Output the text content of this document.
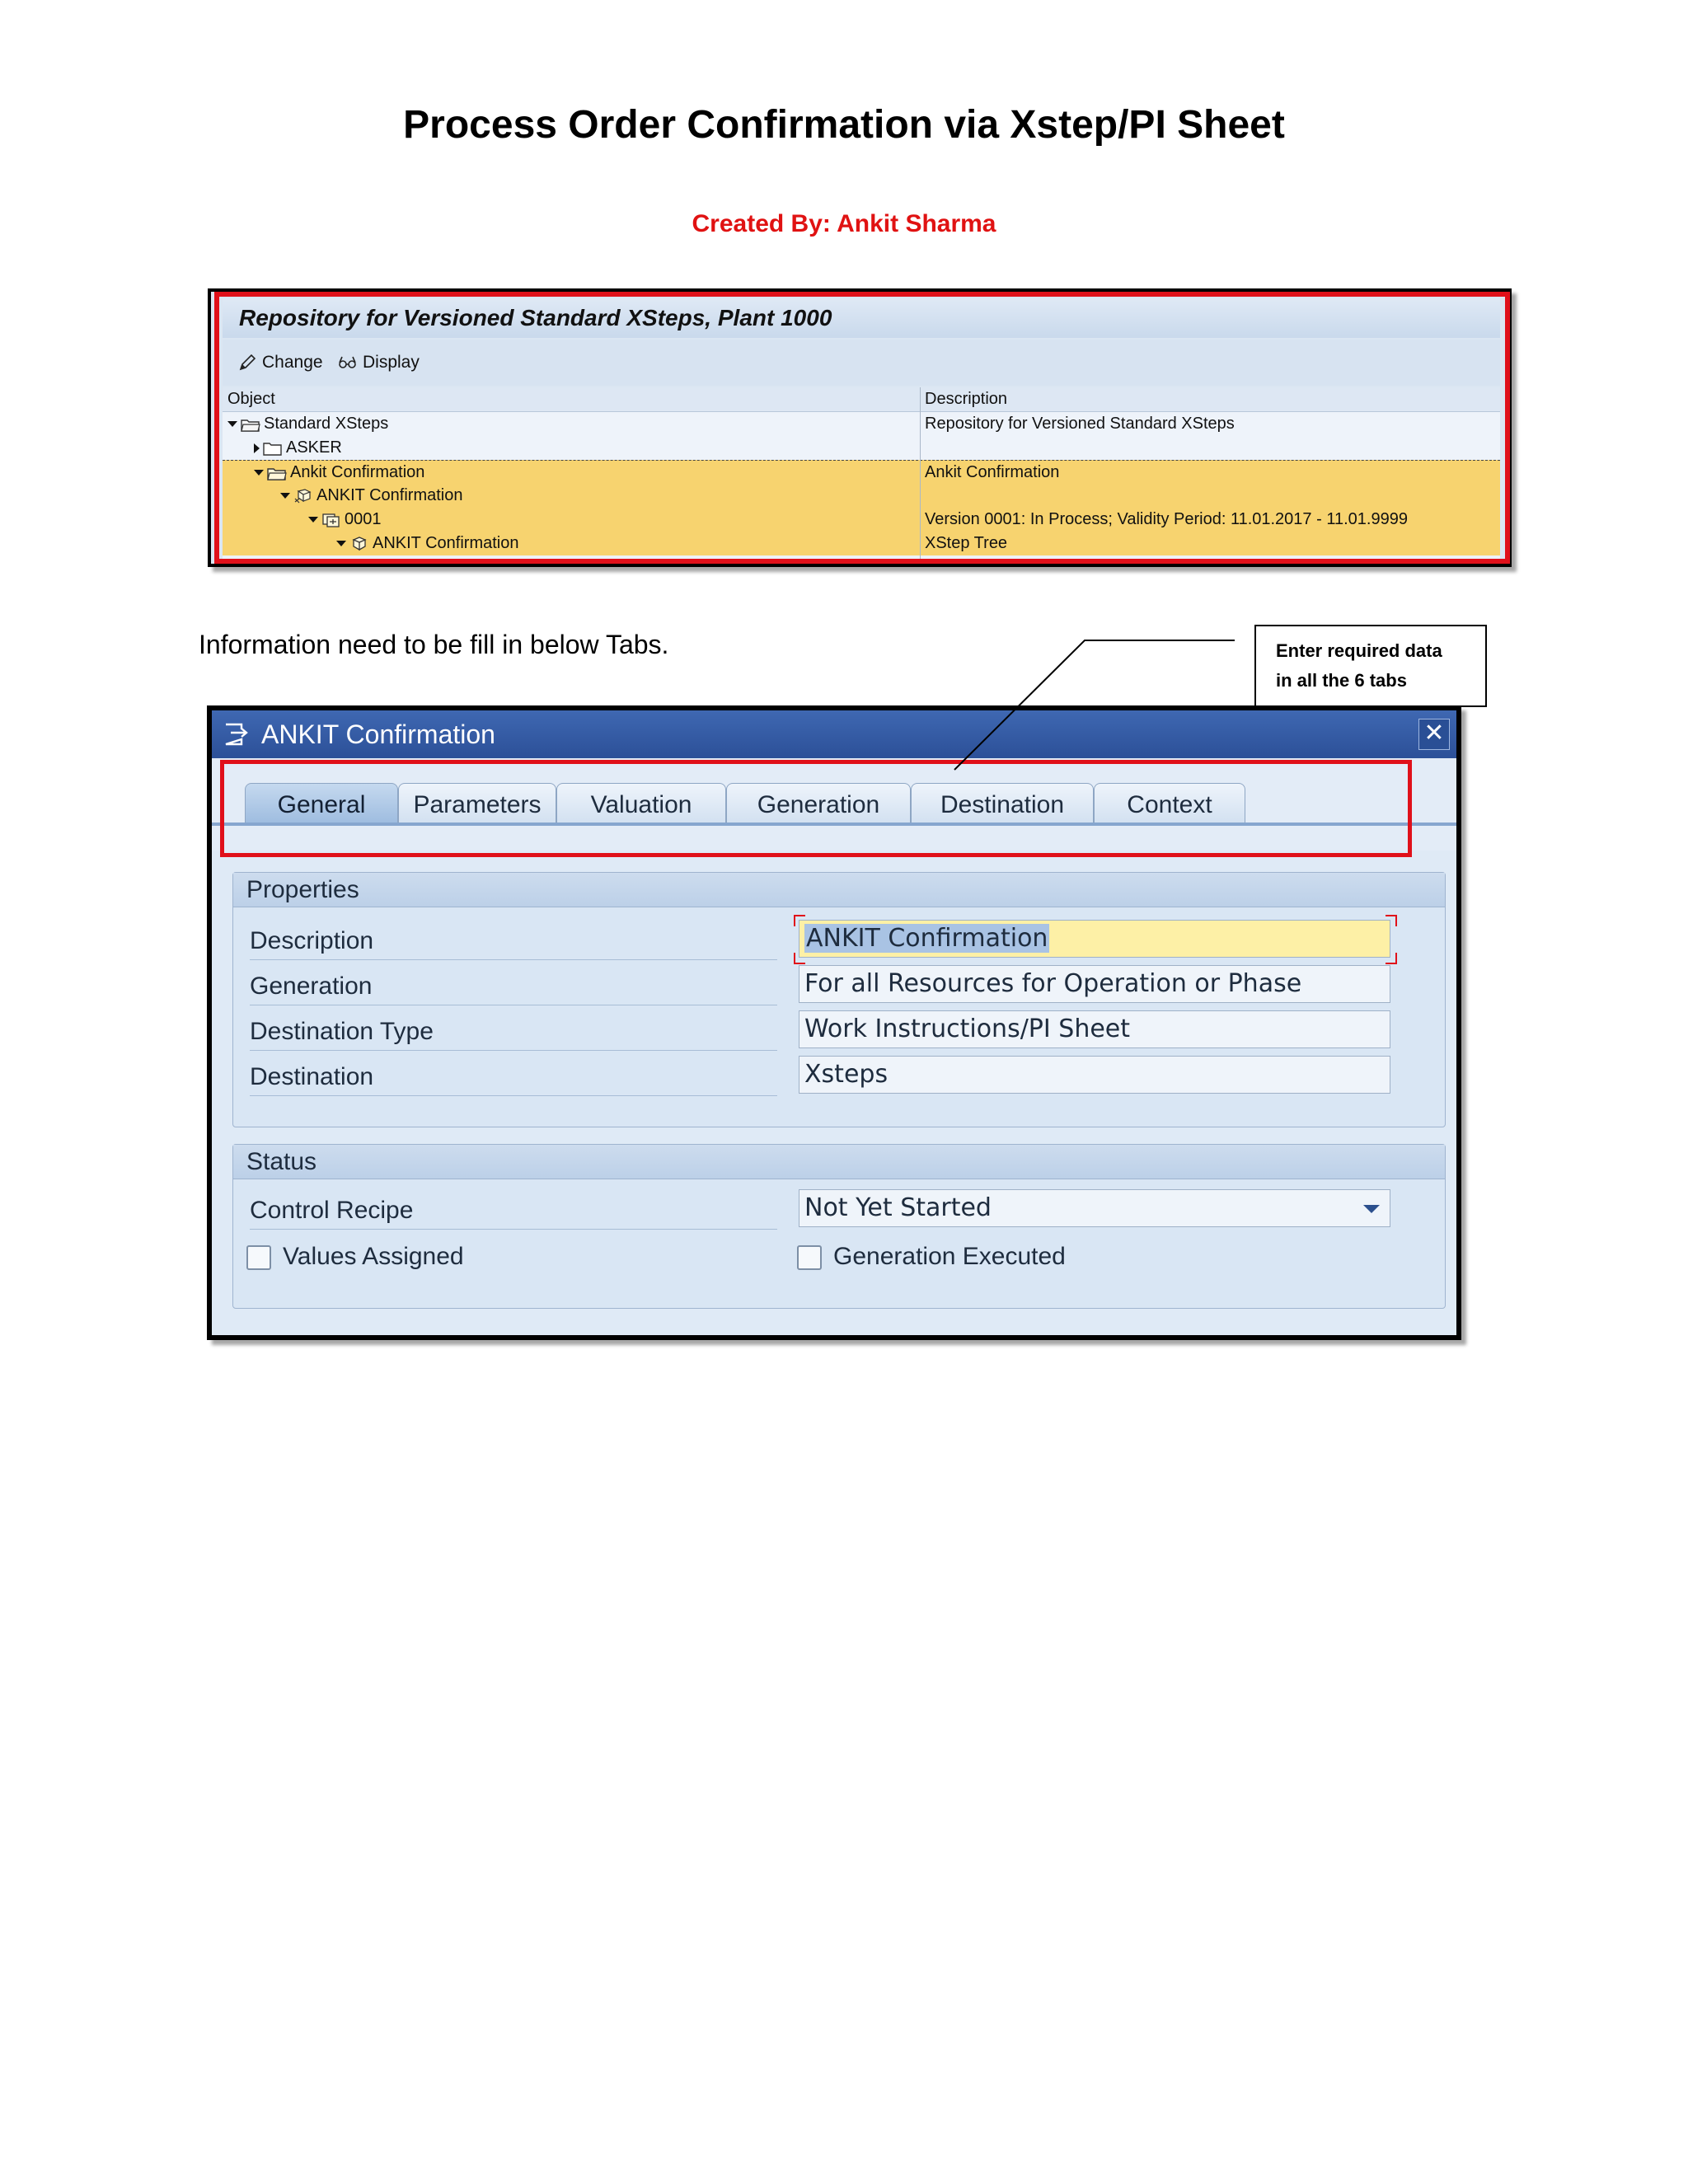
Process Order Confirmation via Xstep/PI Sheet
Created By: Ankit Sharma
Repository for Versioned Standard XSteps, Plant 1000
Change Display
Object	Description
Standard XSteps	Repository for Versioned Standard XSteps
ASKER
Ankit Confirmation	Ankit Confirmation
ANKIT Confirmation
0001	Version 0001: In Process; Validity Period: 11.01.2017 - 11.01.9999
ANKIT Confirmation	XStep Tree
Information need to be fill in below Tabs.	Enter required data
in all the 6 tabs
ANKIT Confirmation	✕
General	Parameters	Valuation	Generation	Destination	Context
Properties
Description	ANKIT Confirmation
Generation	For all Resources for Operation or Phase
Destination Type	Work Instructions/PI Sheet
Destination	Xsteps
Status
Control Recipe	Not Yet Started
Values Assigned	Generation Executed
